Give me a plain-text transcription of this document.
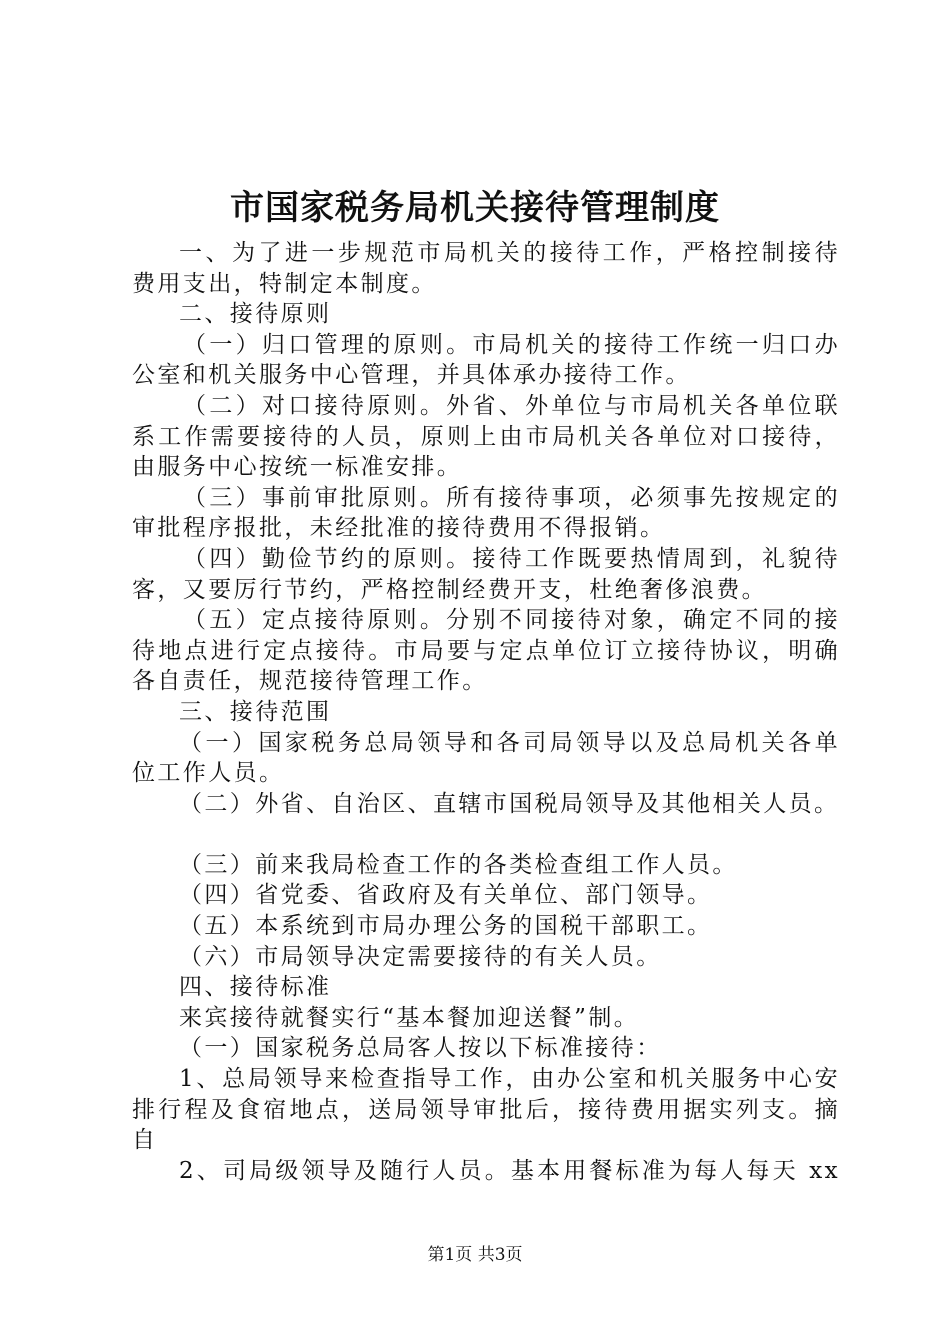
市国家税务局机关接待管理制度
一、为了进一步规范市局机关的接待工作，严格控制接待
费用支出，特制定本制度。
二、接待原则
（一）归口管理的原则。市局机关的接待工作统一归口办
公室和机关服务中心管理，并具体承办接待工作。
（二）对口接待原则。外省、外单位与市局机关各单位联
系工作需要接待的人员，原则上由市局机关各单位对口接待，
由服务中心按统一标准安排。
（三）事前审批原则。所有接待事项，必须事先按规定的
审批程序报批，未经批准的接待费用不得报销。
（四）勤俭节约的原则。接待工作既要热情周到，礼貌待
客，又要厉行节约，严格控制经费开支，杜绝奢侈浪费。
（五）定点接待原则。分别不同接待对象，确定不同的接
待地点进行定点接待。市局要与定点单位订立接待协议，明确
各自责任，规范接待管理工作。
三、接待范围
（一）国家税务总局领导和各司局领导以及总局机关各单
位工作人员。
（二）外省、自治区、直辖市国税局领导及其他相关人员。
（三）前来我局检查工作的各类检查组工作人员。
（四）省党委、省政府及有关单位、部门领导。
（五）本系统到市局办理公务的国税干部职工。
（六）市局领导决定需要接待的有关人员。
四、接待标准
来宾接待就餐实行“基本餐加迎送餐”制。
（一）国家税务总局客人按以下标准接待：
1、总局领导来检查指导工作，由办公室和机关服务中心安
排行程及食宿地点，送局领导审批后，接待费用据实列支。摘
自
2、司局级领导及随行人员。基本用餐标准为每人每天 xx
第1页 共3页
